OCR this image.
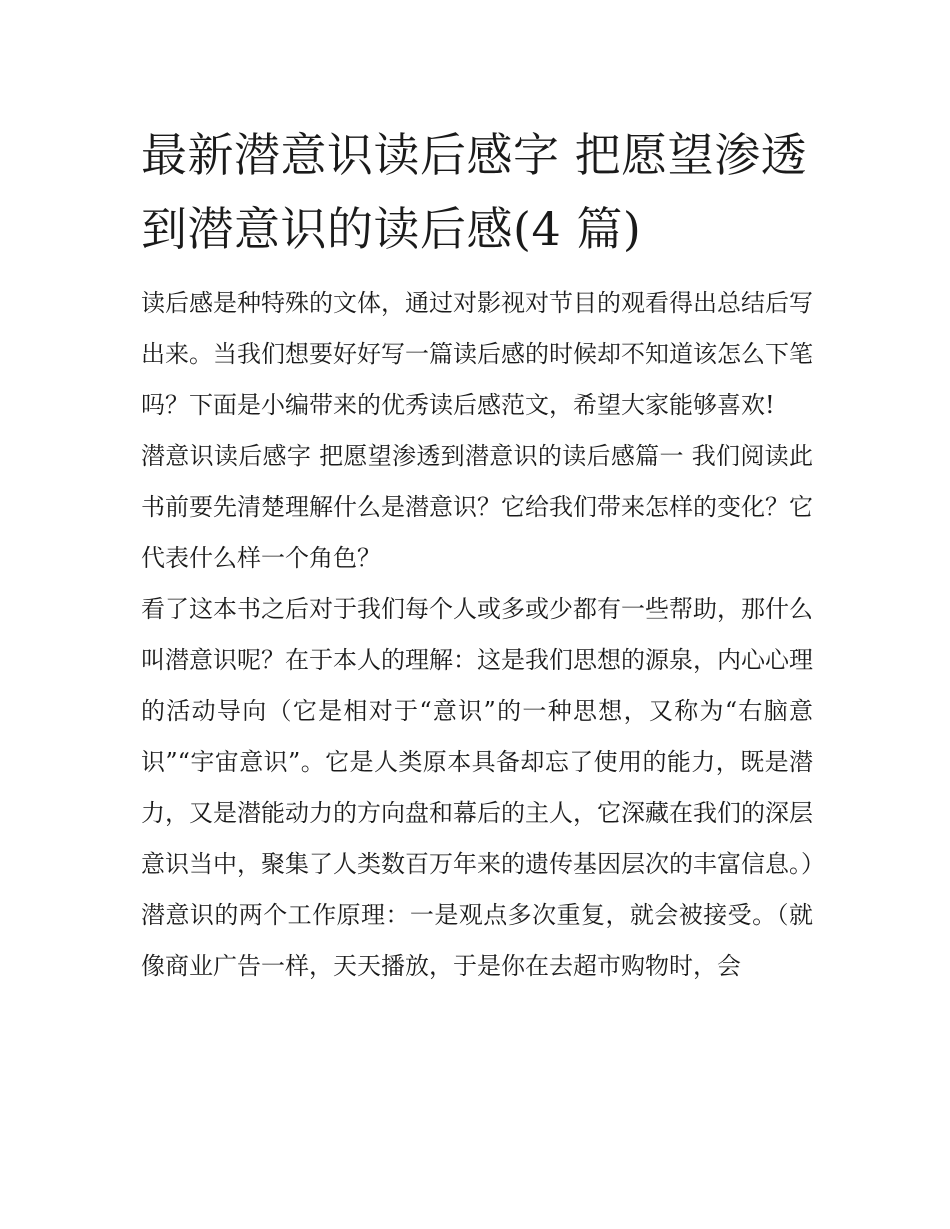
最新潜意识读后感字 把愿望渗透到潜意识的读后感(4 篇)

读后感是种特殊的文体，通过对影视对节目的观看得出总结后写出来。当我们想要好好写一篇读后感的时候却不知道该怎么下笔吗？下面是小编带来的优秀读后感范文，希望大家能够喜欢!

潜意识读后感字 把愿望渗透到潜意识的读后感篇一 我们阅读此书前要先清楚理解什么是潜意识？它给我们带来怎样的变化？它代表什么样一个角色？

看了这本书之后对于我们每个人或多或少都有一些帮助，那什么叫潜意识呢？在于本人的理解：这是我们思想的源泉，内心心理的活动导向（它是相对于“意识”的一种思想，又称为“右脑意识”“宇宙意识”。它是人类原本具备却忘了使用的能力，既是潜力，又是潜能动力的方向盘和幕后的主人，它深藏在我们的深层意识当中，聚集了人类数百万年来的遗传基因层次的丰富信息。）

潜意识的两个工作原理：一是观点多次重复，就会被接受。（就像商业广告一样，天天播放，于是你在去超市购物时，会
